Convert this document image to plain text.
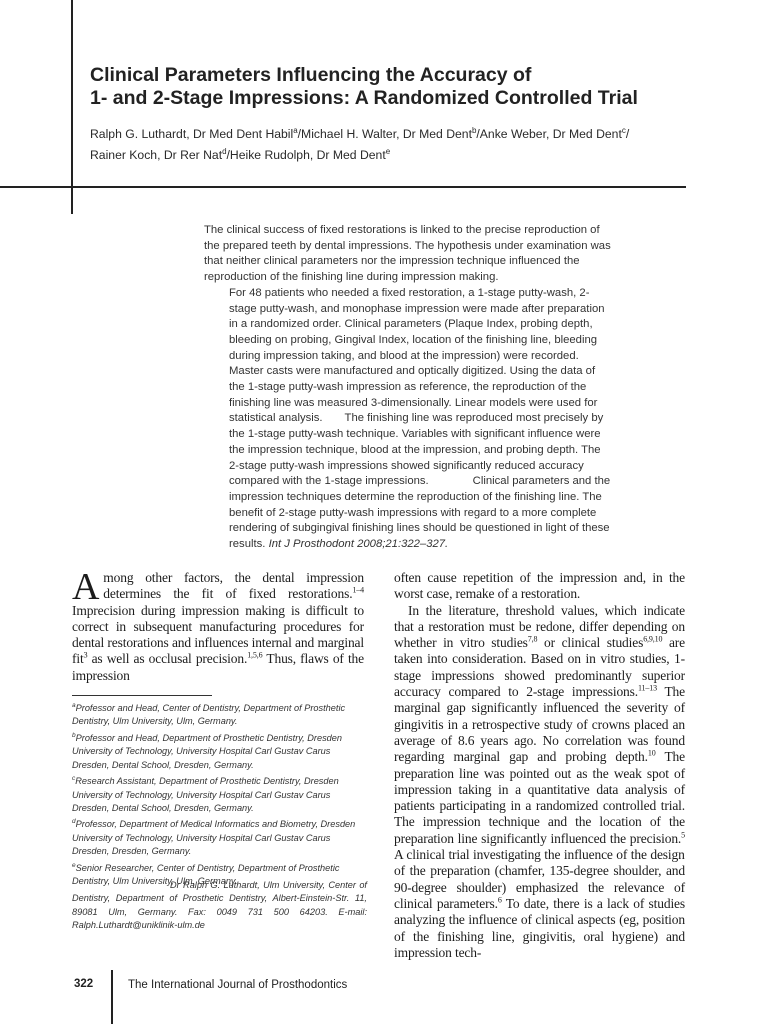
Clinical Parameters Influencing the Accuracy of
1- and 2-Stage Impressions: A Randomized Controlled Trial
Ralph G. Luthardt, Dr Med Dent Habil$^a$/Michael H. Walter, Dr Med Dent$^b$/Anke Weber, Dr Med Dent$^c$/
Rainer Koch, Dr Rer Nat$^d$/Heike Rudolph, Dr Med Dent$^e$

The clinical success of fixed restorations is linked to the precise reproduction of the prepared teeth by dental impressions. The hypothesis under examination was that neither clinical parameters nor the impression technique influenced the reproduction of the finishing line during impression making.

For 48 patients who needed a fixed restoration, a 1-stage putty-wash, 2-stage putty-wash, and monophase impression were made after preparation in a randomized order. Clinical parameters (Plaque Index, probing depth, bleeding on probing, Gingival Index, location of the finishing line, bleeding during impression taking, and blood at the impression) were recorded. Master casts were manufactured and optically digitized. Using the data of the 1-stage putty-wash impression as reference, the reproduction of the finishing line was measured 3-dimensionally. Linear models were used for statistical analysis. The finishing line was reproduced most precisely by the 1-stage putty-wash technique. Variables with significant influence were the impression technique, blood at the impression, and probing depth. The 2-stage putty-wash impressions showed significantly reduced accuracy compared with the 1-stage impressions.	Clinical parameters and the impression techniques determine the reproduction of the finishing line. The benefit of 2-stage putty-wash impressions with regard to a more complete rendering of subgingival finishing lines should be questioned in light of these results. Int J Prosthodont 2008;21:322–327.

Among other factors, the dental impression determines the fit of fixed restorations.$^{1-4}$ Imprecision during impression making is difficult to correct in subsequent manufacturing procedures for dental restorations and influences internal and marginal fit$^3$ as well as occlusal precision.$^{1,5,6}$ Thus, flaws of the impression

$^a$Professor and Head, Center of Dentistry, Department of Prosthetic Dentistry, Ulm University, Ulm, Germany.

$^b$Professor and Head, Department of Prosthetic Dentistry, Dresden University of Technology, University Hospital Carl Gustav Carus Dresden, Dental School, Dresden, Germany.

$^c$Research Assistant, Department of Prosthetic Dentistry, Dresden University of Technology, University Hospital Carl Gustav Carus Dresden, Dental School, Dresden, Germany.

$^d$Professor, Department of Medical Informatics and Biometry, Dresden University of Technology, University Hospital Carl Gustav Carus Dresden, Dresden, Germany.

$^e$Senior Researcher, Center of Dentistry, Department of Prosthetic Dentistry, Ulm University, Ulm, Germany.

Dr Ralph G. Luthardt, Ulm University, Center of Dentistry, Department of Prosthetic Dentistry, Albert-Einstein-Str. 11, 89081 Ulm, Germany. Fax: 0049 731 500 64203. E-mail: Ralph.Luthardt@uniklinik-ulm.de

often cause repetition of the impression and, in the worst case, remake of a restoration.

In the literature, threshold values, which indicate that a restoration must be redone, differ depending on whether in vitro studies$^{7,8}$ or clinical studies$^{6,9,10}$ are taken into consideration. Based on in vitro studies, 1-stage impressions showed predominantly superior accuracy compared to 2-stage impressions.$^{11-13}$ The marginal gap significantly influenced the severity of gingivitis in a retrospective study of crowns placed an average of 8.6 years ago. No correlation was found regarding marginal gap and probing depth.$^{10}$ The preparation line was pointed out as the weak spot of impression taking in a quantitative data analysis of patients participating in a randomized controlled trial. The impression technique and the location of the preparation line significantly influenced the precision.$^5$ A clinical trial investigating the influence of the design of the preparation (chamfer, 135-degree shoulder, and 90-degree shoulder) emphasized the relevance of clinical parameters.$^6$ To date, there is a lack of studies analyzing the influence of clinical aspects (eg, position of the finishing line, gingivitis, oral hygiene) and impression tech-

322	The International Journal of Prosthodontics
